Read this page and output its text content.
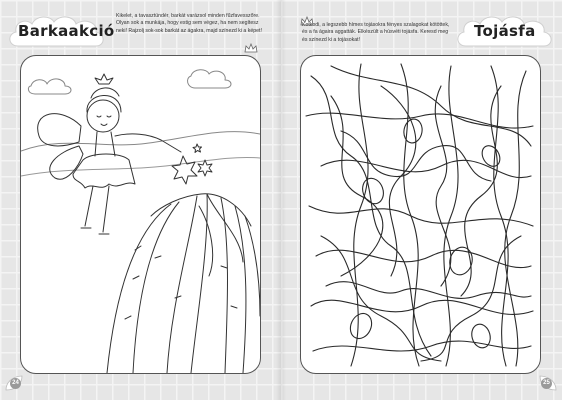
Barkaakció
Kikelet, a tavasztündér, barkát varázsol minden fűzfavesszőre. Olyan sok a munkája, hogy estig sem végez, ha nem segítesz neki! Rajzolj sok-sok barkát az ágakra, majd színezd ki a képet!
24
Kotkodi, a legszebb hímes tojásokra fényes szalagokat kötöttek, és a fa ágaira aggatták. Elkészült a húsvéti tojásfa. Keresd meg és színezd ki a tojásokat!	Tojásfa
25
